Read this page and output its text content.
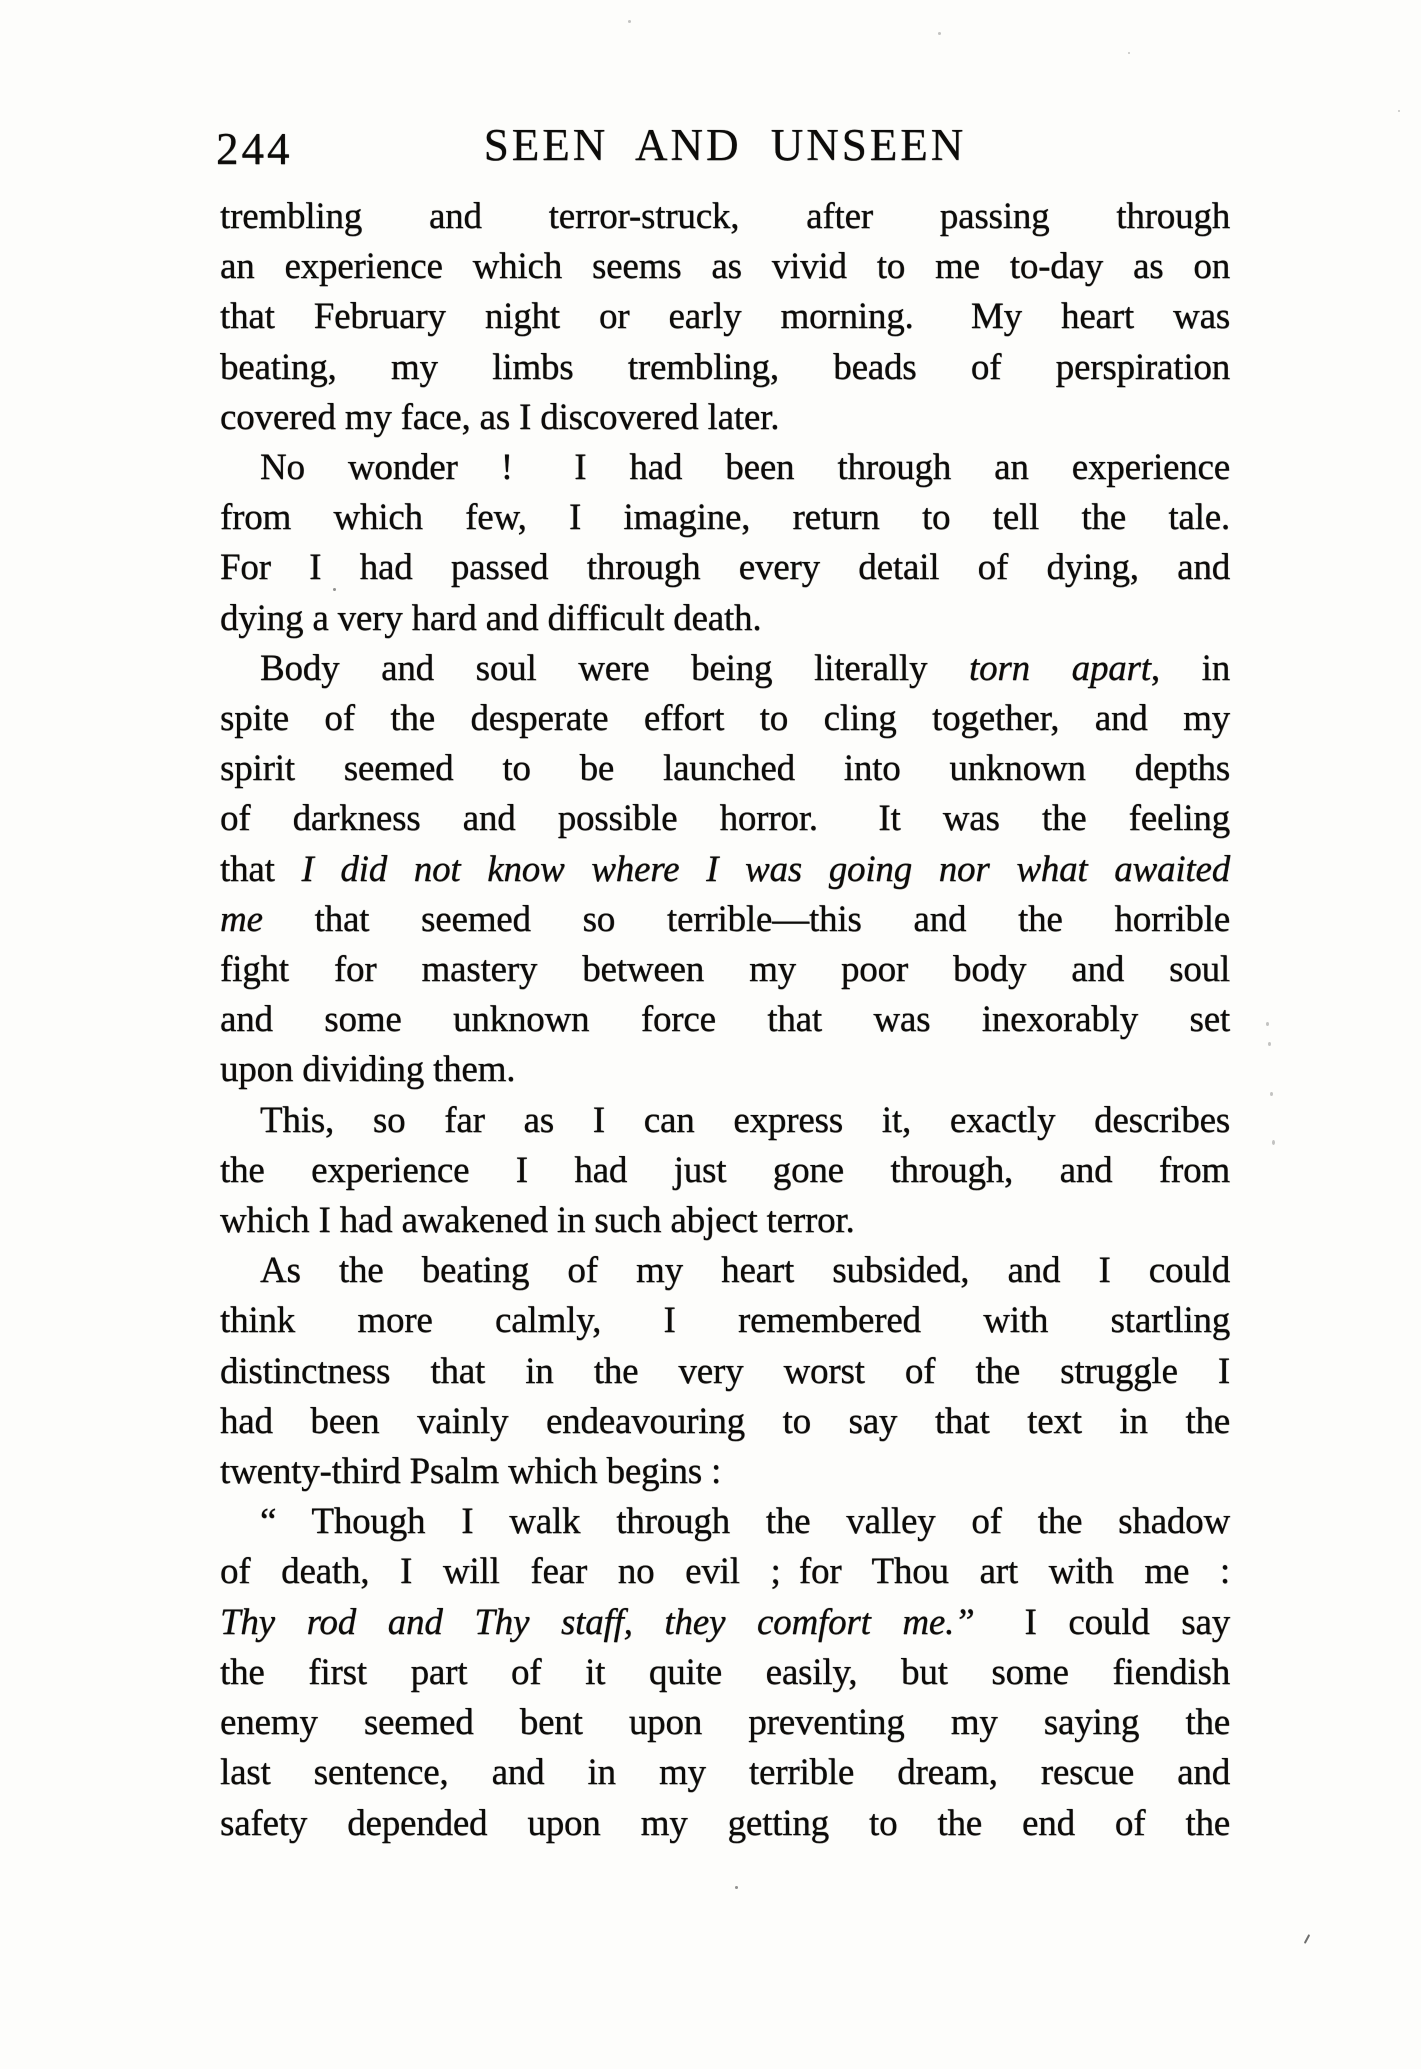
244	SEEN AND UNSEEN
trembling and terror-struck, after passing through
an experience which seems as vivid to me to-day as on
that February night or early morning.  My heart was
beating, my limbs trembling, beads of perspiration
covered my face, as I discovered later.
No wonder !  I had been through an experience
from which few, I imagine, return to tell the tale.
For I had passed through every detail of dying, and
dying a very hard and difficult death.
Body and soul were being literally torn apart, in
spite of the desperate effort to cling together, and my
spirit seemed to be launched into unknown depths
of darkness and possible horror.  It was the feeling
that I did not know where I was going nor what awaited
me that seemed so terrible—this and the horrible
fight for mastery between my poor body and soul
and some unknown force that was inexorably set
upon dividing them.
This, so far as I can express it, exactly describes
the experience I had just gone through, and from
which I had awakened in such abject terror.
As the beating of my heart subsided, and I could
think more calmly, I remembered with startling
distinctness that in the very worst of the struggle I
had been vainly endeavouring to say that text in the
twenty-third Psalm which begins :
“ Though I walk through the valley of the shadow
of death, I will fear no evil ; for Thou art with me :
Thy rod and Thy staff, they comfort me.”  I could say
the first part of it quite easily, but some fiendish
enemy seemed bent upon preventing my saying the
last sentence, and in my terrible dream, rescue and
safety depended upon my getting to the end of the
